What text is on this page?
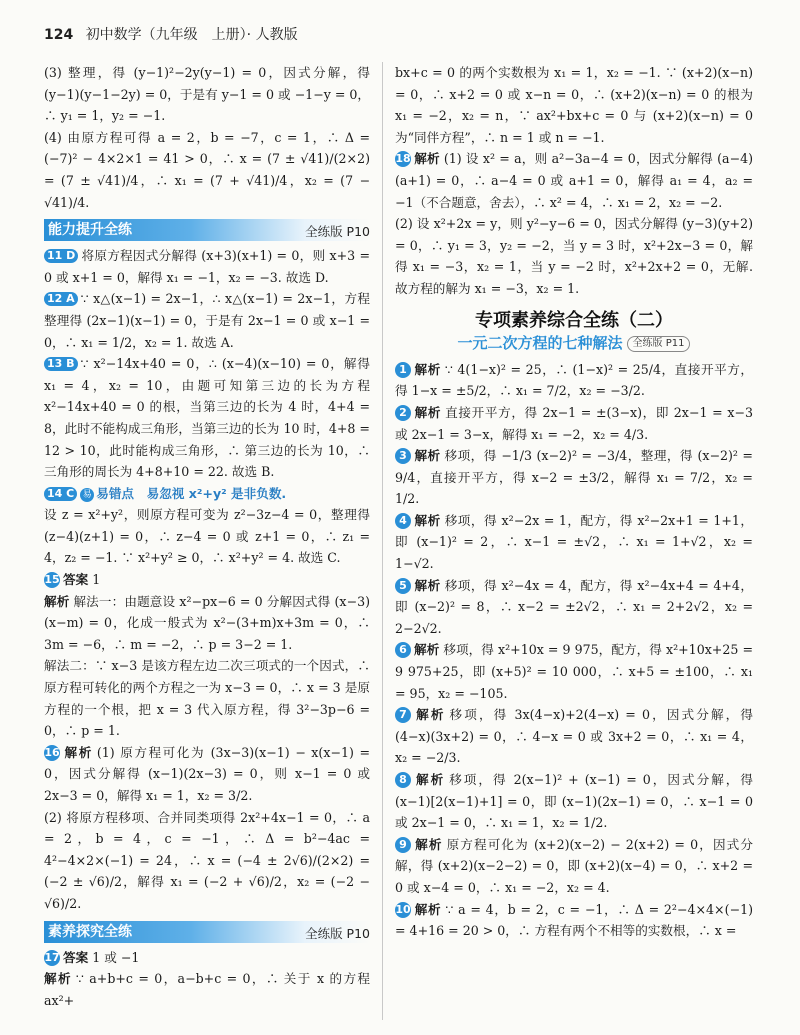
124 初中数学（九年级　上册）· 人教版

(3) 整理，得 (y−1)²−2y(y−1) = 0，因式分解，得 (y−1)(y−1−2y) = 0，于是有 y−1 = 0 或 −1−y = 0，∴ y₁ = 1，y₂ = −1.

(4) 由原方程可得 a = 2，b = −7，c = 1，∴ Δ = (−7)² − 4×2×1 = 41 > 0，∴ x = (7 ± √41)/(2×2) = (7 ± √41)/4，∴ x₁ = (7 + √41)/4，x₂ = (7 − √41)/4.

能力提升全练	全练版 P10

11 D 将原方程因式分解得 (x+3)(x+1) = 0，则 x+3 = 0 或 x+1 = 0，解得 x₁ = −1，x₂ = −3. 故选 D.

12 A ∵ x△(x−1) = 2x−1，∴ x△(x−1) = 2x−1，方程整理得 (2x−1)(x−1) = 0，于是有 2x−1 = 0 或 x−1 = 0，∴ x₁ = 1/2，x₂ = 1. 故选 A.

13 B ∵ x²−14x+40 = 0，∴ (x−4)(x−10) = 0，解得 x₁ = 4，x₂ = 10，由题可知第三边的长为方程 x²−14x+40 = 0 的根，当第三边的长为 4 时，4+4 = 8，此时不能构成三角形，当第三边的长为 10 时，4+8 = 12 > 10，此时能构成三角形，∴ 第三边的长为 10，∴ 三角形的周长为 4+8+10 = 22. 故选 B.

14 C 易 易错点　易忽视 x²+y² 是非负数.

设 z = x²+y²，则原方程可变为 z²−3z−4 = 0，整理得 (z−4)(z+1) = 0，∴ z−4 = 0 或 z+1 = 0，∴ z₁ = 4，z₂ = −1. ∵ x²+y² ≥ 0，∴ x²+y² = 4. 故选 C.

15 答案 1

解析 解法一：由题意设 x²−px−6 = 0 分解因式得 (x−3)(x−m) = 0，化成一般式为 x²−(3+m)x+3m = 0，∴ 3m = −6，∴ m = −2，∴ p = 3−2 = 1.

解法二：∵ x−3 是该方程左边二次三项式的一个因式，∴ 原方程可转化的两个方程之一为 x−3 = 0，∴ x = 3 是原方程的一个根，把 x = 3 代入原方程，得 3²−3p−6 = 0，∴ p = 1.

16 解析 (1) 原方程可化为 (3x−3)(x−1) − x(x−1) = 0，因式分解得 (x−1)(2x−3) = 0，则 x−1 = 0 或 2x−3 = 0，解得 x₁ = 1，x₂ = 3/2.

(2) 将原方程移项、合并同类项得 2x²+4x−1 = 0，∴ a = 2，b = 4，c = −1，∴ Δ = b²−4ac = 4²−4×2×(−1) = 24，∴ x = (−4 ± 2√6)/(2×2) = (−2 ± √6)/2，解得 x₁ = (−2 + √6)/2，x₂ = (−2 − √6)/2.

素养探究全练	全练版 P10

17 答案 1 或 −1

解析 ∵ a+b+c = 0，a−b+c = 0，∴ 关于 x 的方程 ax²+

bx+c = 0 的两个实数根为 x₁ = 1，x₂ = −1. ∵ (x+2)(x−n) = 0，∴ x+2 = 0 或 x−n = 0，∴ (x+2)(x−n) = 0 的根为 x₁ = −2，x₂ = n，∵ ax²+bx+c = 0 与 (x+2)(x−n) = 0 为“同伴方程”，∴ n = 1 或 n = −1.

18 解析 (1) 设 x² = a，则 a²−3a−4 = 0，因式分解得 (a−4)(a+1) = 0，∴ a−4 = 0 或 a+1 = 0，解得 a₁ = 4，a₂ = −1（不合题意，舍去），∴ x² = 4，∴ x₁ = 2，x₂ = −2.

(2) 设 x²+2x = y，则 y²−y−6 = 0，因式分解得 (y−3)(y+2) = 0，∴ y₁ = 3，y₂ = −2，当 y = 3 时，x²+2x−3 = 0，解得 x₁ = −3，x₂ = 1，当 y = −2 时，x²+2x+2 = 0，无解. 故方程的解为 x₁ = −3，x₂ = 1.

专项素养综合全练（二）
一元二次方程的七种解法 全练版 P11

1 解析 ∵ 4(1−x)² = 25，∴ (1−x)² = 25/4，直接开平方，得 1−x = ±5/2，∴ x₁ = 7/2，x₂ = −3/2.

2 解析 直接开平方，得 2x−1 = ±(3−x)，即 2x−1 = x−3 或 2x−1 = 3−x，解得 x₁ = −2，x₂ = 4/3.

3 解析 移项，得 −1/3 (x−2)² = −3/4，整理，得 (x−2)² = 9/4，直接开平方，得 x−2 = ±3/2，解得 x₁ = 7/2，x₂ = 1/2.

4 解析 移项，得 x²−2x = 1，配方，得 x²−2x+1 = 1+1，即 (x−1)² = 2，∴ x−1 = ±√2，∴ x₁ = 1+√2，x₂ = 1−√2.

5 解析 移项，得 x²−4x = 4，配方，得 x²−4x+4 = 4+4，即 (x−2)² = 8，∴ x−2 = ±2√2，∴ x₁ = 2+2√2，x₂ = 2−2√2.

6 解析 移项，得 x²+10x = 9 975，配方，得 x²+10x+25 = 9 975+25，即 (x+5)² = 10 000，∴ x+5 = ±100，∴ x₁ = 95，x₂ = −105.

7 解析 移项，得 3x(4−x)+2(4−x) = 0，因式分解，得 (4−x)(3x+2) = 0，∴ 4−x = 0 或 3x+2 = 0，∴ x₁ = 4，x₂ = −2/3.

8 解析 移项，得 2(x−1)² + (x−1) = 0，因式分解，得 (x−1)[2(x−1)+1] = 0，即 (x−1)(2x−1) = 0，∴ x−1 = 0 或 2x−1 = 0，∴ x₁ = 1，x₂ = 1/2.

9 解析 原方程可化为 (x+2)(x−2) − 2(x+2) = 0，因式分解，得 (x+2)(x−2−2) = 0，即 (x+2)(x−4) = 0，∴ x+2 = 0 或 x−4 = 0，∴ x₁ = −2，x₂ = 4.

10 解析 ∵ a = 4，b = 2，c = −1，∴ Δ = 2²−4×4×(−1) = 4+16 = 20 > 0，∴ 方程有两个不相等的实数根，∴ x =
